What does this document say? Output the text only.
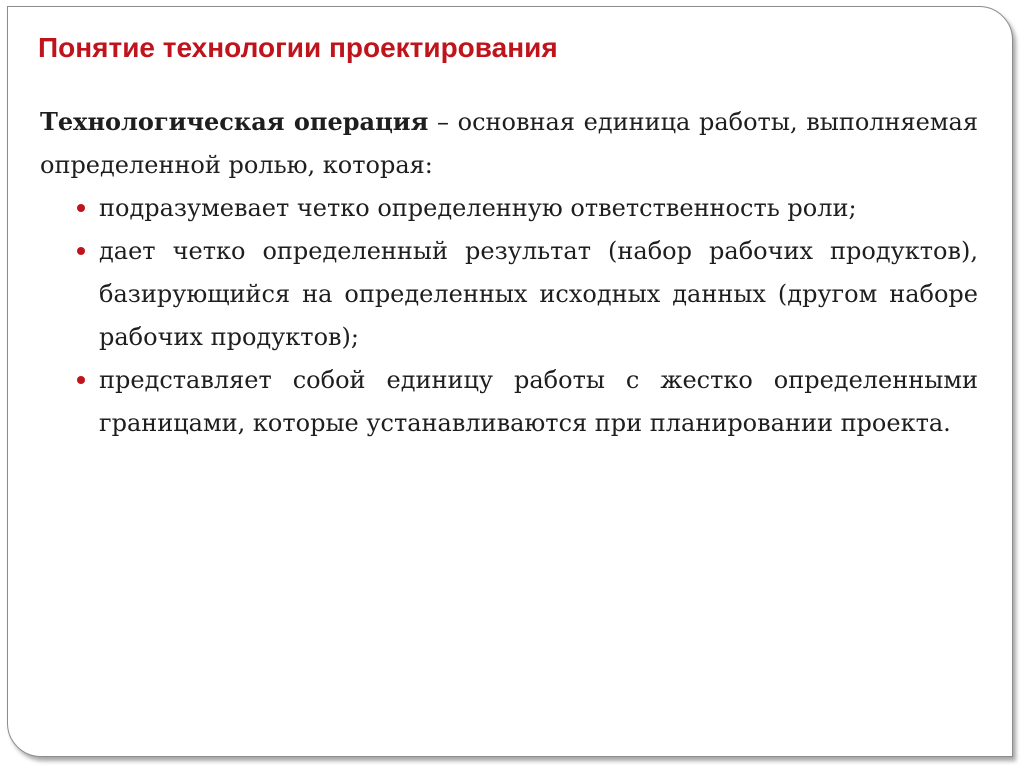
Понятие технологии проектирования

Технологическая операция – основная единица работы, выполняемая определенной ролью, которая:

подразумевает четко определенную ответственность роли;
дает четко определенный результат (набор рабочих продуктов), базирующийся на определенных исходных данных (другом наборе рабочих продуктов);
представляет собой единицу работы с жестко определенными границами, которые устанавливаются при планировании проекта.
